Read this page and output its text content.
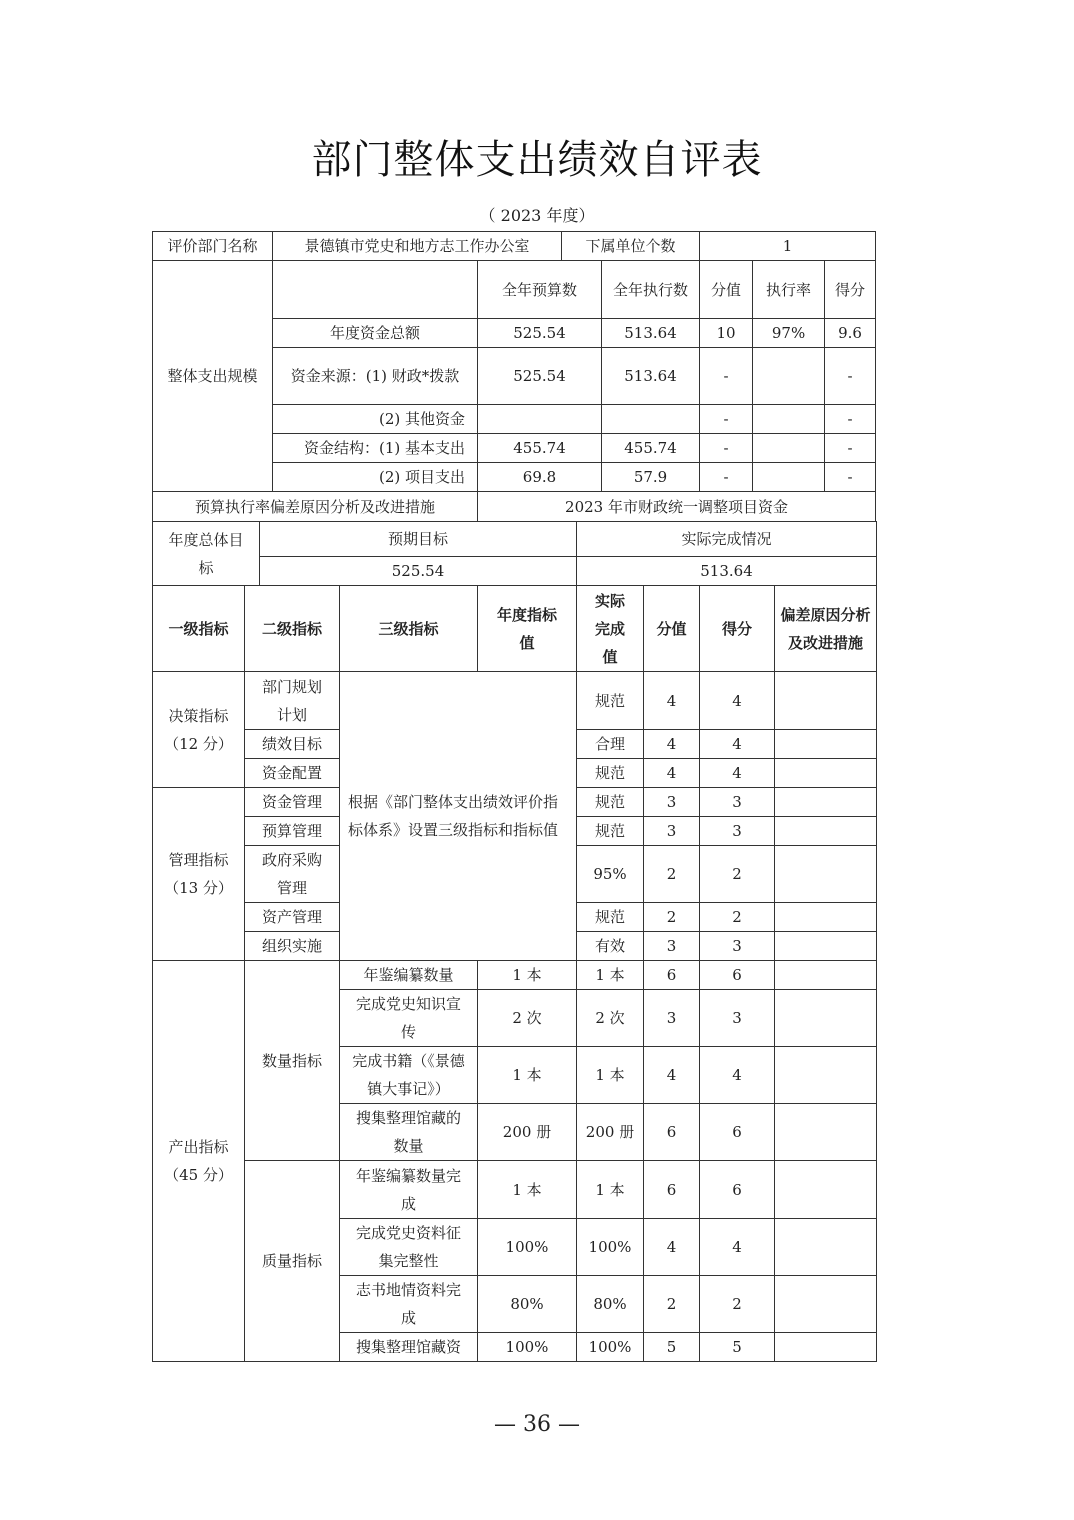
部门整体支出绩效自评表
（ 2023 年度）
评价部门名称	景德镇市党史和地方志工作办公室		下属单位个数		1		
整体支出规模		全年预算数		全年执行数	分值	执行率	得分
	年度资金总额	525.54		513.64	10	97%	9.6
	资金来源：(1) 财政*拨款	525.54		513.64	-		-
	(2) 其他资金				-		-
	资金结构：(1) 基本支出	455.74		455.74	-		-
	(2) 项目支出	69.8		57.9	-		-
预算执行率偏差原因分析及改进措施		2023 年市财政统一调整项目资金					
年度总体目标	预期目标	实际完成情况
	525.54	513.64
一级指标	二级指标	三级指标	年度指标值	实际完成值	分值	得分	偏差原因分析及改进措施
决策指标（12 分）	部门规划计划	根据《部门整体支出绩效评价指标体系》设置三级指标和指标值		规范	4	4	
	绩效目标			合理	4	4	
	资金配置			规范	4	4	
管理指标（13 分）	资金管理			规范	3	3	
	预算管理			规范	3	3	
	政府采购管理			95%	2	2	
	资产管理			规范	2	2	
	组织实施			有效	3	3	
产出指标（45 分）	数量指标	年鉴编纂数量	1 本	1 本	6	6	
		完成党史知识宣传	2 次	2 次	3	3	
		完成书籍（《景德镇大事记》）	1 本	1 本	4	4	
		搜集整理馆藏的数量	200 册	200 册	6	6	
	质量指标	年鉴编纂数量完成	1 本	1 本	6	6	
		完成党史资料征集完整性	100%	100%	4	4	
		志书地情资料完成	80%	80%	2	2	
		搜集整理馆藏资	100%	100%	5	5	
— 36 —
